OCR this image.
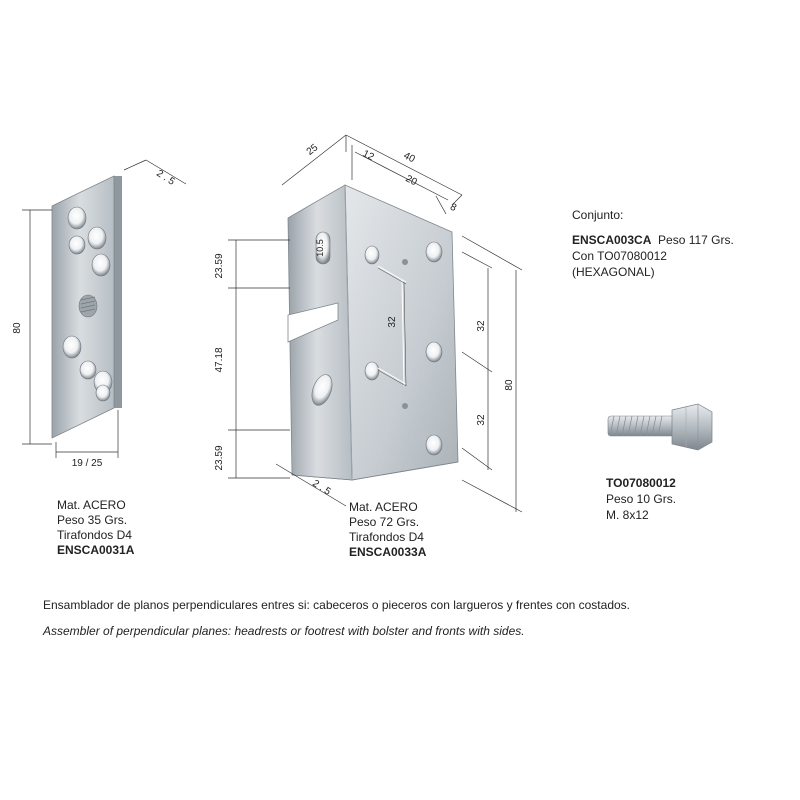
80
19 / 25
2 . 5
25	12	40
20
8
10.5
23.59
47.18
23.59
32	32
32
80
2 . 5
Mat. ACERO
Peso 35 Grs.
Tirafondos D4
ENSCA0031A
Mat. ACERO
Peso 72 Grs.
Tirafondos D4
ENSCA0033A
Conjunto:
ENSCA003CA Peso 117 Grs.
Con TO07080012
(HEXAGONAL)
TO07080012
Peso 10 Grs.
M. 8x12
Ensamblador de planos perpendiculares entres si: cabeceros o pieceros con largueros y frentes con costados.
Assembler of perpendicular planes: headrests or footrest with bolster and fronts with sides.
